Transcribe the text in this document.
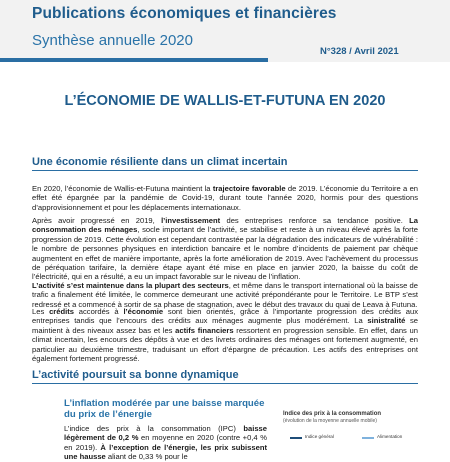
Publications économiques et financières
Synthèse annuelle 2020
N°328 / Avril 2021
L’ÉCONOMIE DE WALLIS-ET-FUTUNA EN 2020
Une économie résiliente dans un climat incertain

En 2020, l’économie de Wallis-et-Futuna maintient la trajectoire favorable de 2019. L’économie du Territoire a en effet été épargnée par la pandémie de Covid-19, durant toute l’année 2020, hormis pour des questions d’approvisionnement et pour les déplacements internationaux.

Après avoir progressé en 2019, l’investissement des entreprises renforce sa tendance positive. La consommation des ménages, socle important de l’activité, se stabilise et reste à un niveau élevé après la forte progression de 2019. Cette évolution est cependant contrastée par la dégradation des indicateurs de vulnérabilité : le nombre de personnes physiques en interdiction bancaire et le nombre d’incidents de paiement par chèque augmentent en effet de manière importante, après la forte amélioration de 2019. Avec l’achèvement du processus de péréquation tarifaire, la dernière étape ayant été mise en place en janvier 2020, la baisse du coût de l’électricité, qui en a résulté, a eu un impact favorable sur le niveau de l’inflation.

L’activité s’est maintenue dans la plupart des secteurs, et même dans le transport international où la baisse de trafic a finalement été limitée, le commerce demeurant une activité prépondérante pour le Territoire. Le BTP s’est redressé et a commencé à sortir de sa phase de stagnation, avec le début des travaux du quai de Leava à Futuna.

Les crédits accordés à l’économie sont bien orientés, grâce à l’importante progression des crédits aux entreprises tandis que l’encours des crédits aux ménages augmente plus modérément. La sinistralité se maintient à des niveaux assez bas et les actifs financiers ressortent en progression sensible. En effet, dans un climat incertain, les encours des dépôts à vue et des livrets ordinaires des ménages ont fortement augmenté, en particulier au deuxième trimestre, traduisant un effort d’épargne de précaution. Les actifs des entreprises ont également fortement progressé.

L’activité poursuit sa bonne dynamique
L’inflation modérée par une baisse marquée du prix de l’énergie

L’indice des prix à la consommation (IPC) baisse légèrement de 0,2 % en moyenne en 2020 (contre +0,4 % en 2019). À l’exception de l’énergie, les prix subissent une hausse aliant de 0,33 % pour le

Indice des prix à la consommation

(évolution de la moyenne annuelle mobile)

Indice général	Alimentation
